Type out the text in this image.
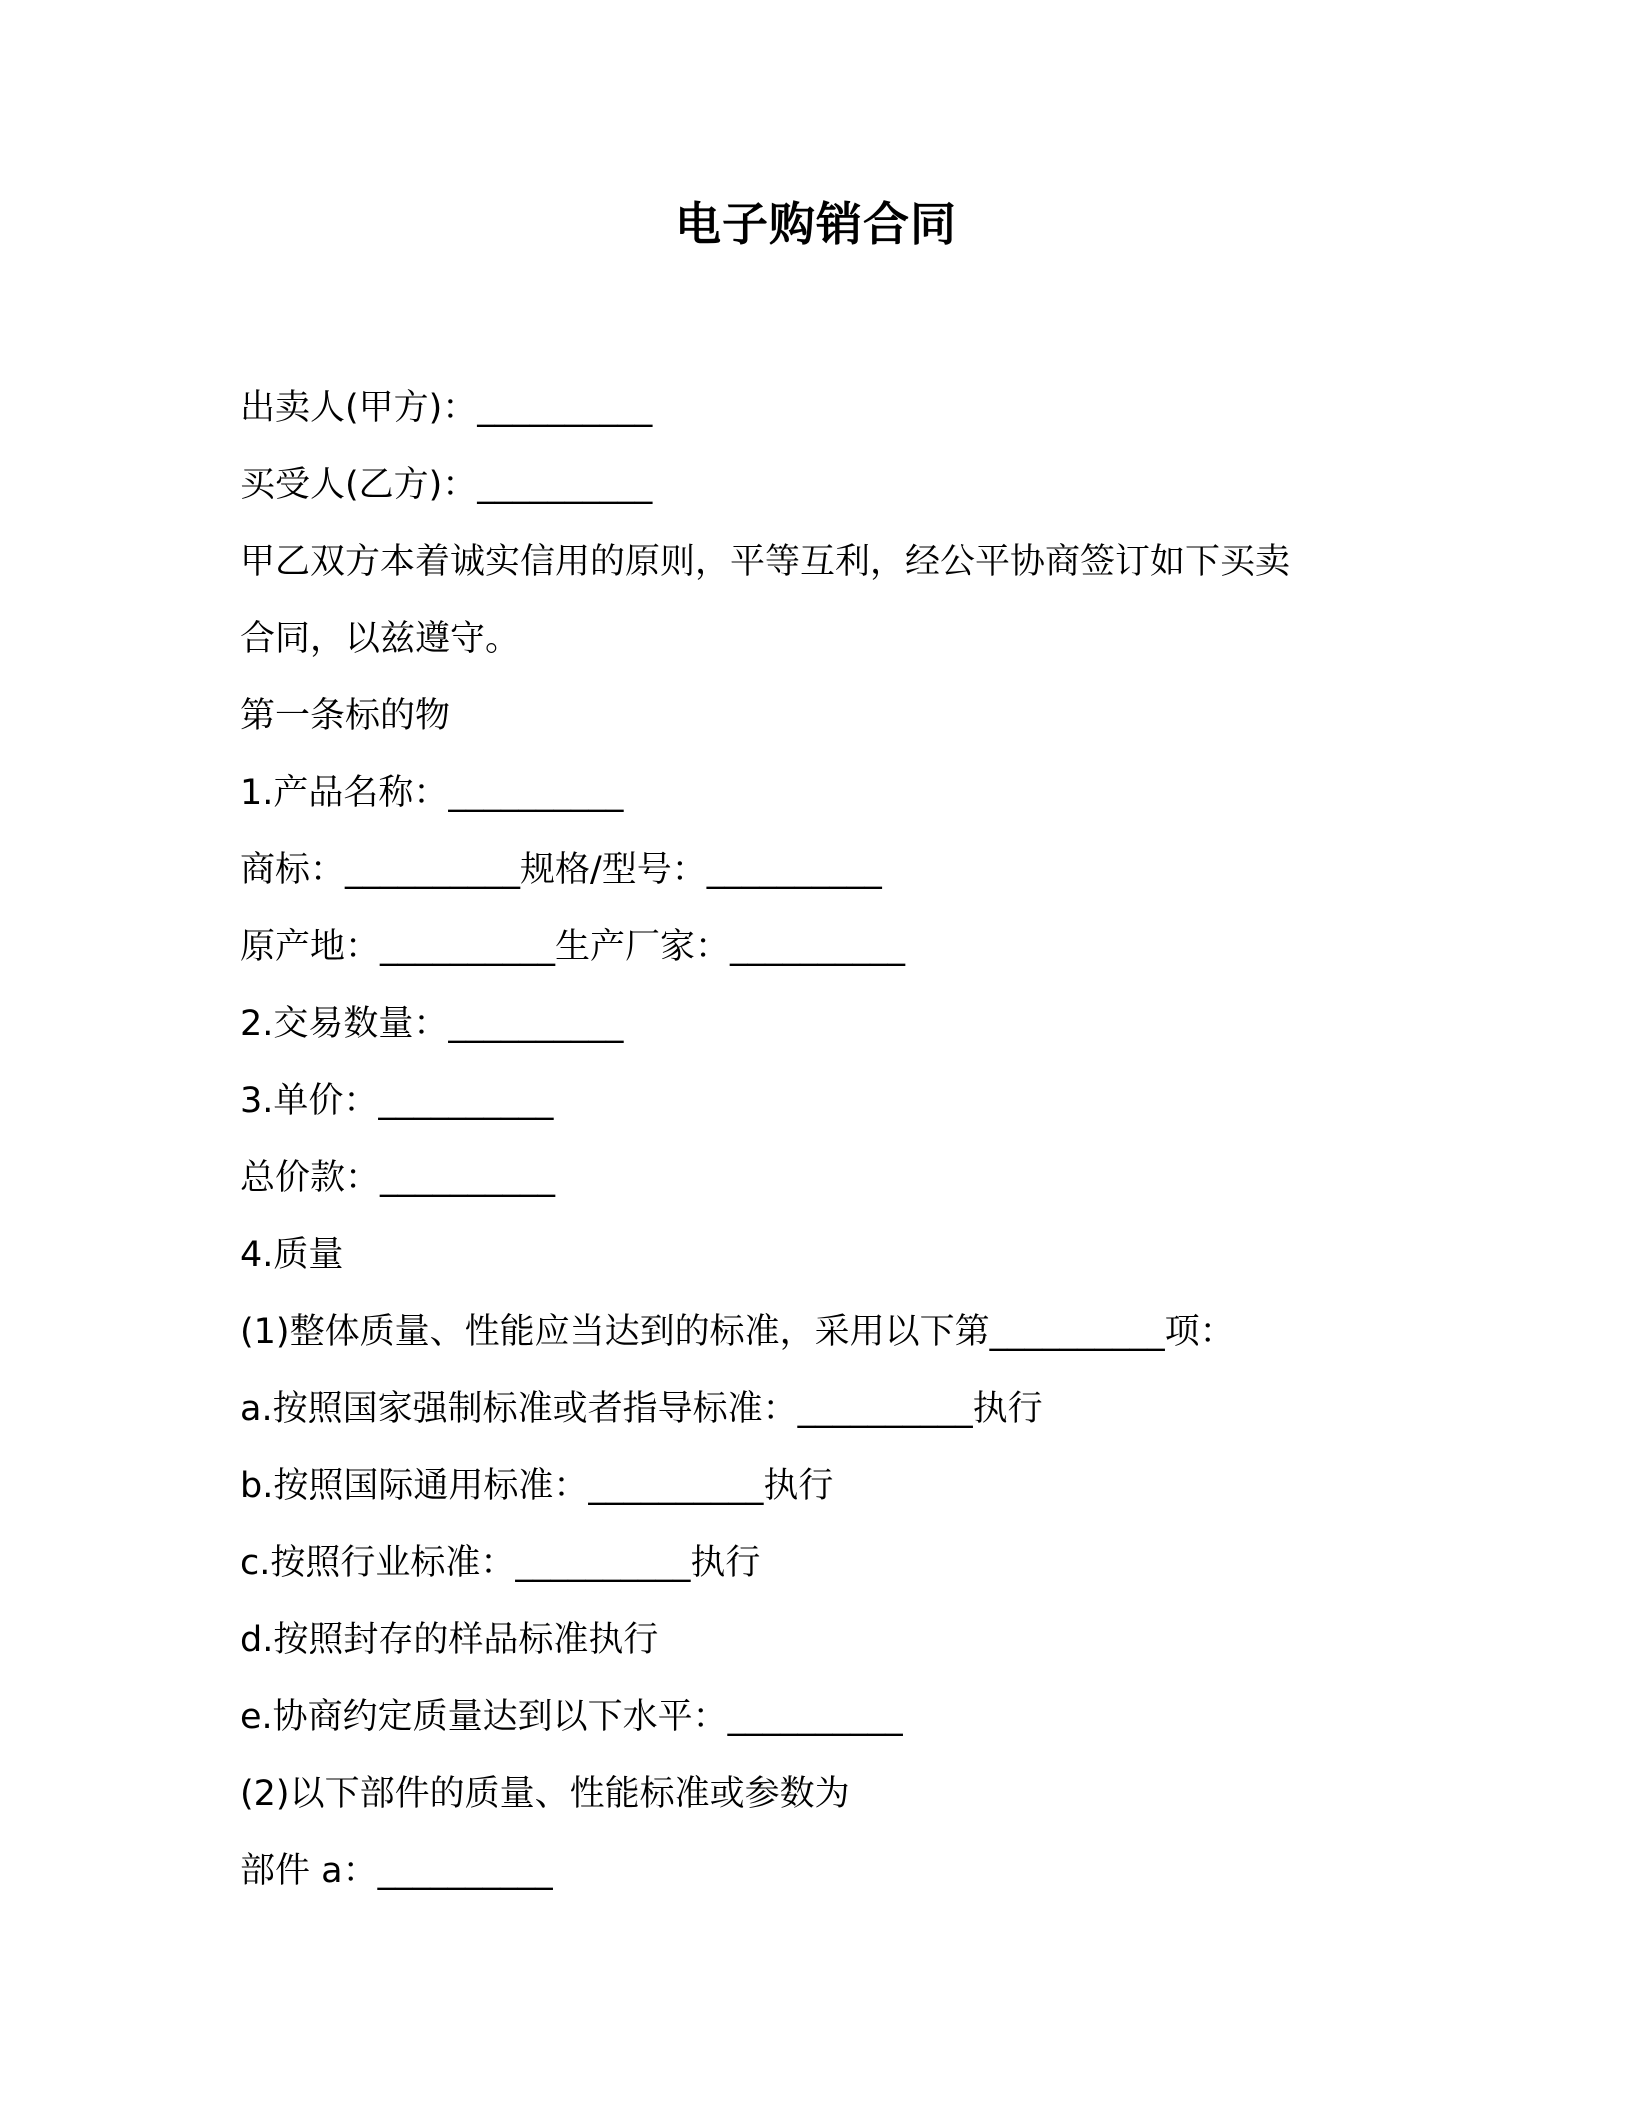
电子购销合同
出卖人(甲方)：__________
买受人(乙方)：__________
甲乙双方本着诚实信用的原则，平等互利，经公平协商签订如下买卖
合同，以兹遵守。
第一条标的物
1.产品名称：__________
商标：__________规格/型号：__________
原产地：__________生产厂家：__________
2.交易数量：__________
3.单价：__________
总价款：__________
4.质量
(1)整体质量、性能应当达到的标准，采用以下第__________项：
a.按照国家强制标准或者指导标准：__________执行
b.按照国际通用标准：__________执行
c.按照行业标准：__________执行
d.按照封存的样品标准执行
e.协商约定质量达到以下水平：__________
(2)以下部件的质量、性能标准或参数为
部件 a：__________
